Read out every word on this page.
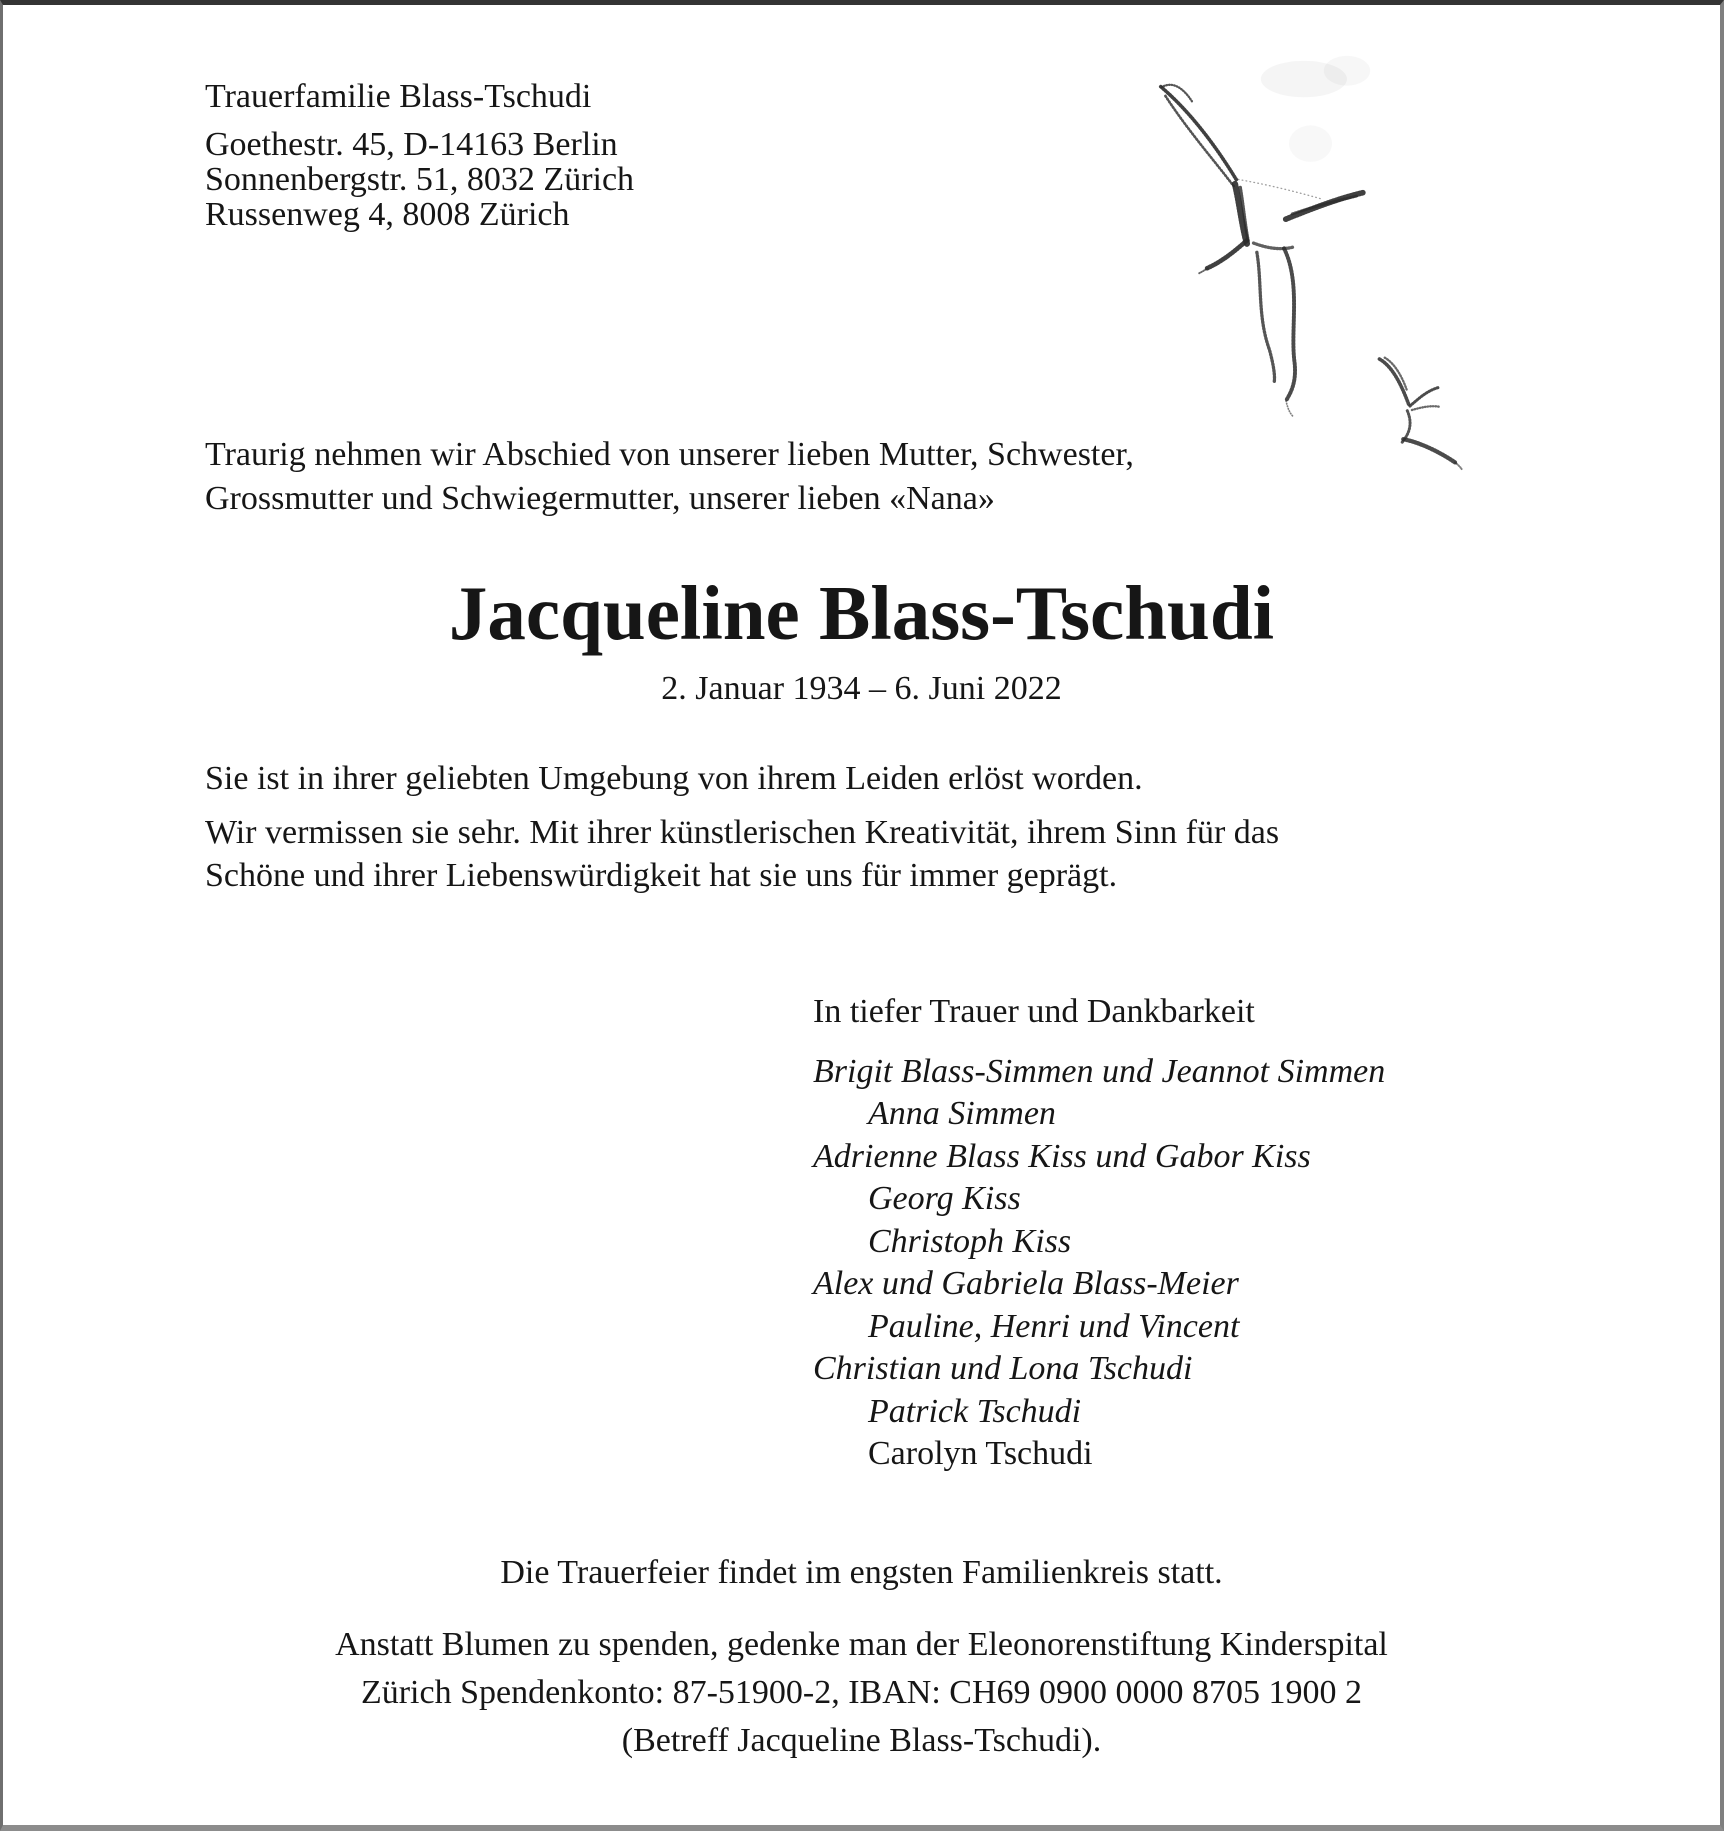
Trauerfamilie Blass-Tschudi
Goethestr. 45, D-14163 Berlin
Sonnenbergstr. 51, 8032 Zürich
Russenweg 4, 8008 Zürich
Traurig nehmen wir Abschied von unserer lieben Mutter, Schwester,
Grossmutter und Schwiegermutter, unserer lieben «Nana»
Jacqueline Blass-Tschudi
2. Januar 1934 – 6. Juni 2022
Sie ist in ihrer geliebten Umgebung von ihrem Leiden erlöst worden.
Wir vermissen sie sehr. Mit ihrer künstlerischen Kreativität, ihrem Sinn für das
Schöne und ihrer Liebenswürdigkeit hat sie uns für immer geprägt.
In tiefer Trauer und Dankbarkeit
Brigit Blass-Simmen und Jeannot Simmen
Anna Simmen
Adrienne Blass Kiss und Gabor Kiss
Georg Kiss
Christoph Kiss
Alex und Gabriela Blass-Meier
Pauline, Henri und Vincent
Christian und Lona Tschudi
Patrick Tschudi
Carolyn Tschudi
Die Trauerfeier findet im engsten Familienkreis statt.
Anstatt Blumen zu spenden, gedenke man der Eleonorenstiftung Kinderspital
Zürich Spendenkonto: 87-51900-2, IBAN: CH69 0900 0000 8705 1900 2
(Betreff Jacqueline Blass-Tschudi).
